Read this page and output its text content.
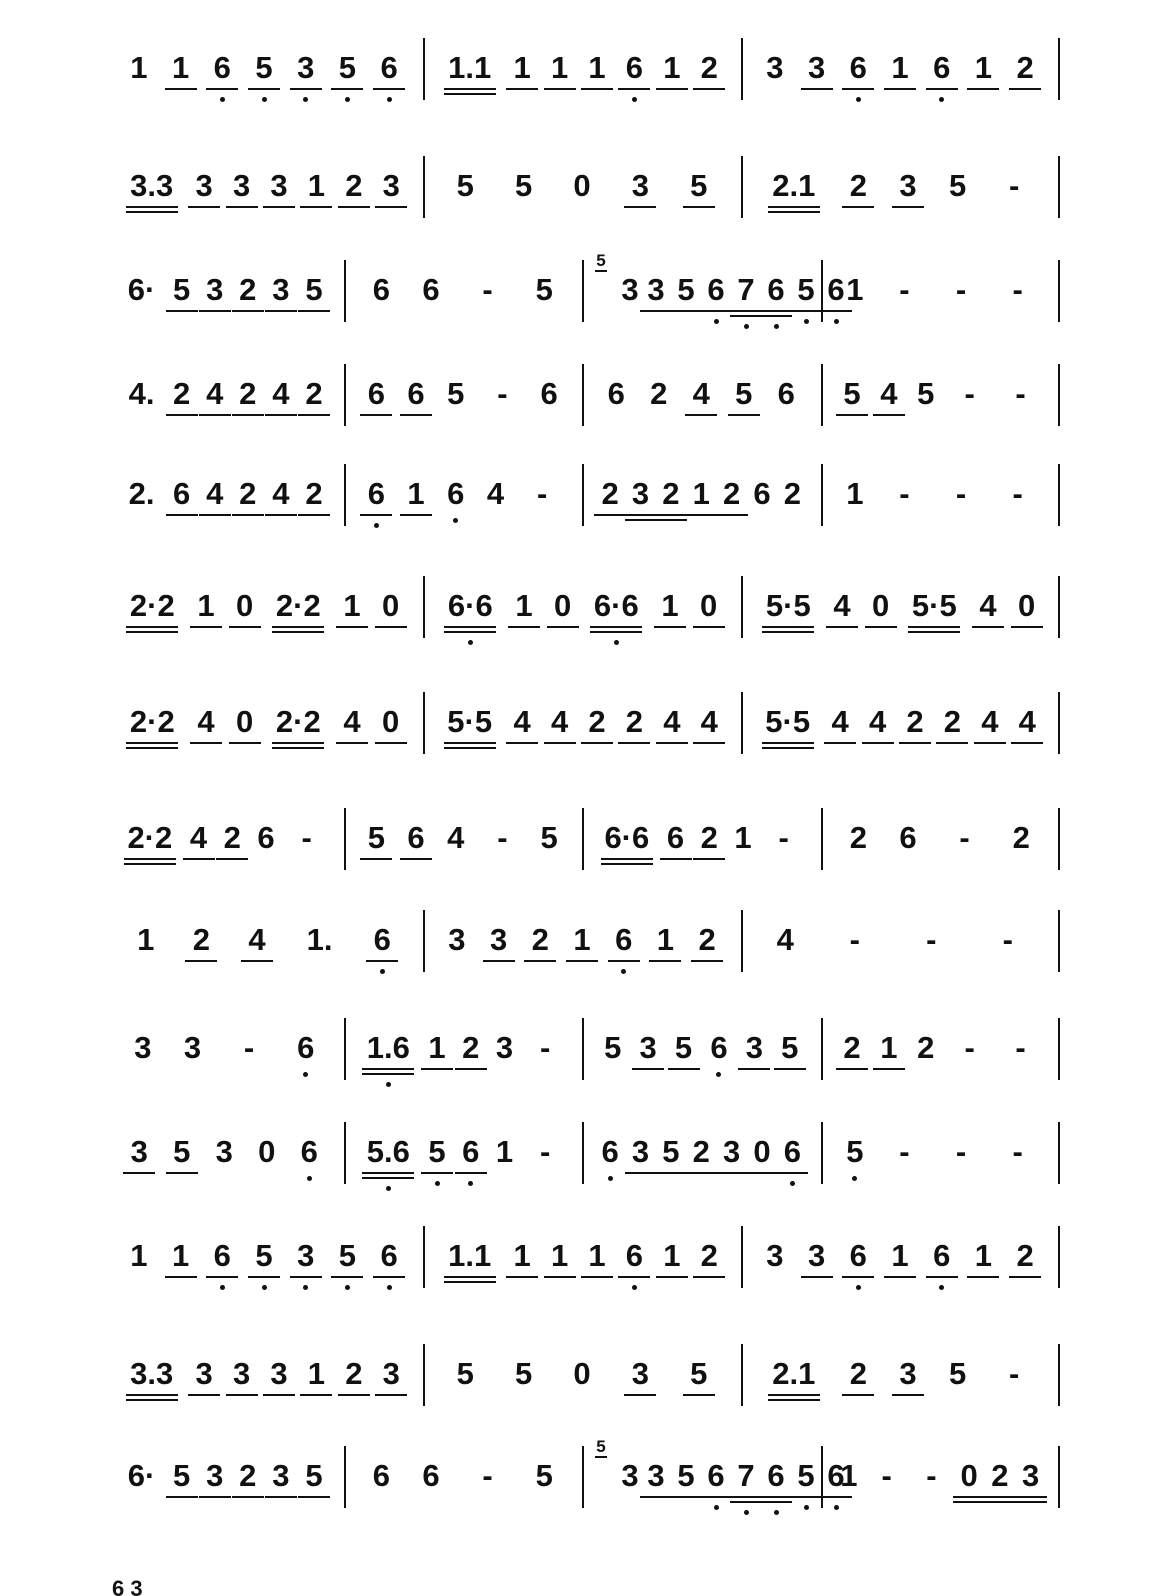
1 1 6 5 3 5 6 1.1 1 1 1 6 1 2 3 3 6 1 6 1 2
3.3 3 3 3 1 2 3 5 5 0 3 5 2.1 2 3 5 -
6· 5 3 2 3 5 6 6 - 5 3
5
3 5 6 7 6 5 6 1 - - -
4. 2 4 2 4 2 6 6 5 - 6 6 2 4 5 6 5 4 5 - -
2. 6 4 2 4 2 6 1 6 4 - 2 3 2 1 2 6 2 1 - - -
2·2 1 0 2·2 1 0 6·6 1 0 6·6 1 0 5·5 4 0 5·5 4 0
2·2 4 0 2·2 4 0 5·5 4 4 2 2 4 4 5·5 4 4 2 2 4 4
2·2 4 2 6 - 5 6 4 - 5 6·6 6 2 1 - 2 6 - 2
1 2 4 1. 6 3 3 2 1 6 1 2 4 - - -
3 3 - 6 1.6 1 2 3 - 5 3 5 6 3 5 2 1 2 - -
3 5 3 0 6 5.6 5 6 1 - 6 3 5 2 3 0 6 5 - - -
1 1 6 5 3 5 6 1.1 1 1 1 6 1 2 3 3 6 1 6 1 2
3.3 3 3 3 1 2 3 5 5 0 3 5 2.1 2 3 5 -
6· 5 3 2 3 5 6 6 - 5 3
5
3 5 6 7 6 5 6
1 - - 0 2 3
6 3
